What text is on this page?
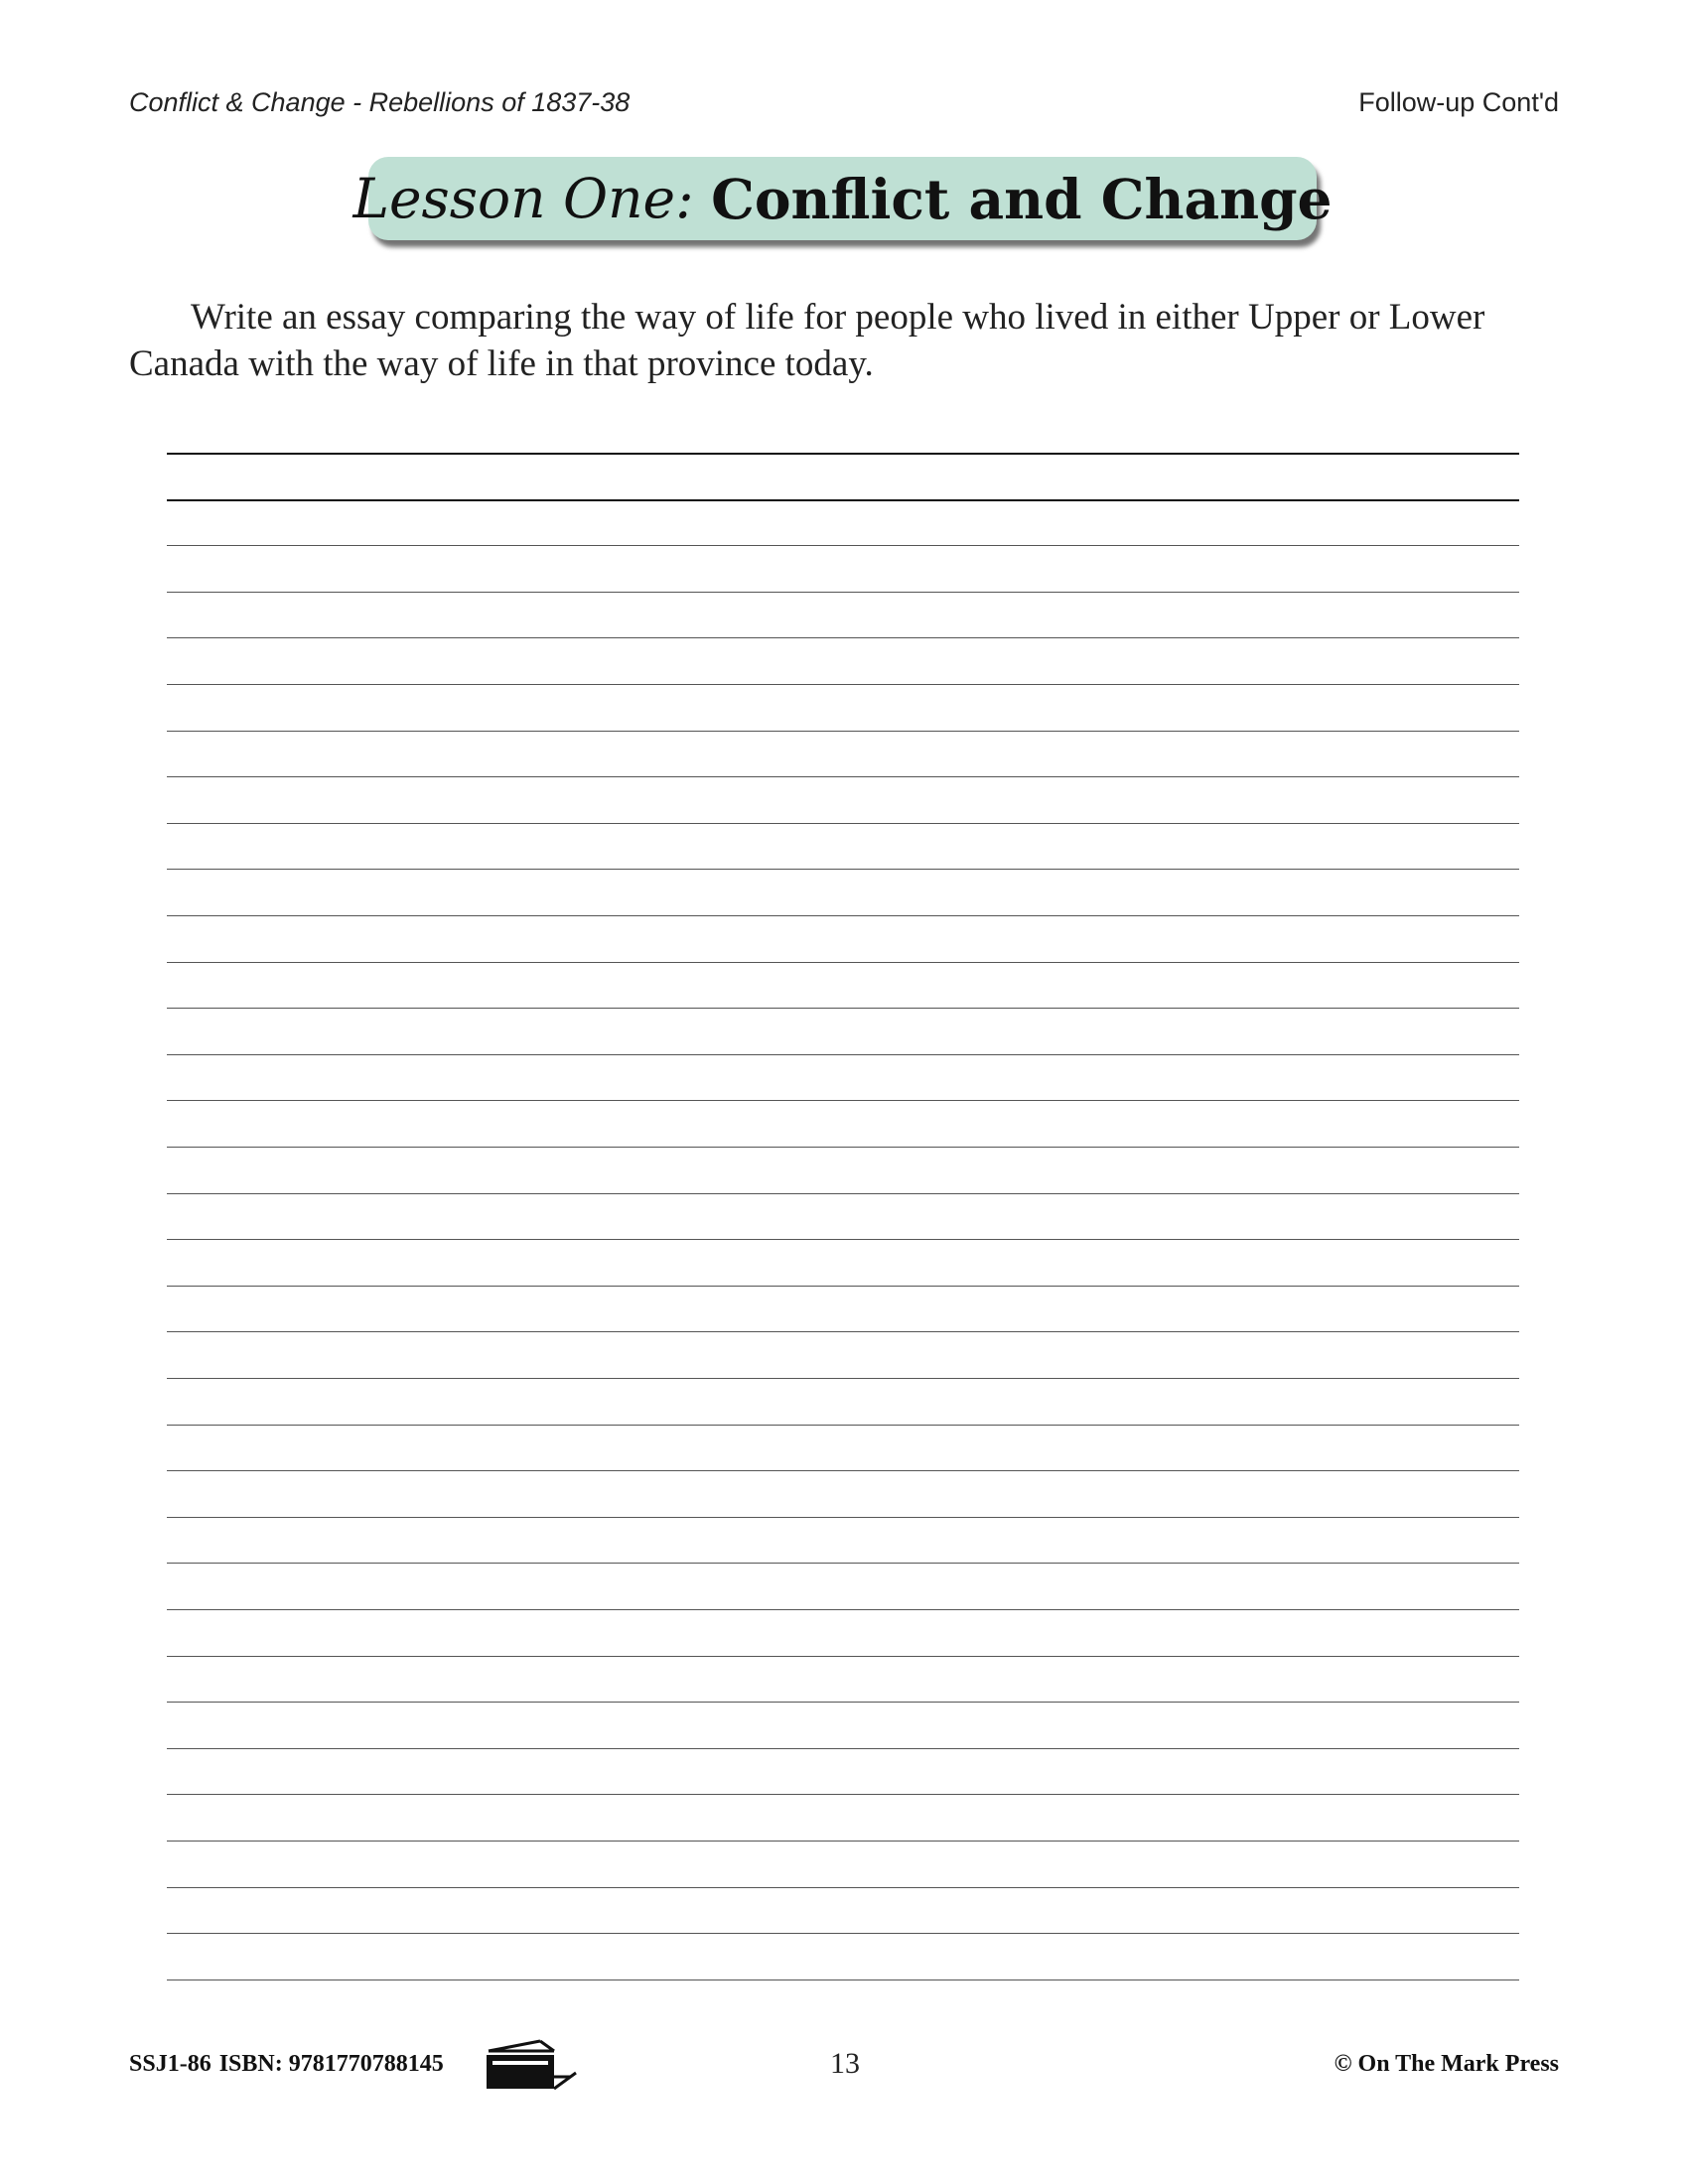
Conflict & Change - Rebellions of 1837-38	Follow-up Cont'd
Lesson One:
Conflict and Change
Write an essay comparing the way of life for people who lived in either Upper or Lower Canada with the way of life in that province today.
SSJ1-86 ISBN: 9781770788145	13	© On The Mark Press
